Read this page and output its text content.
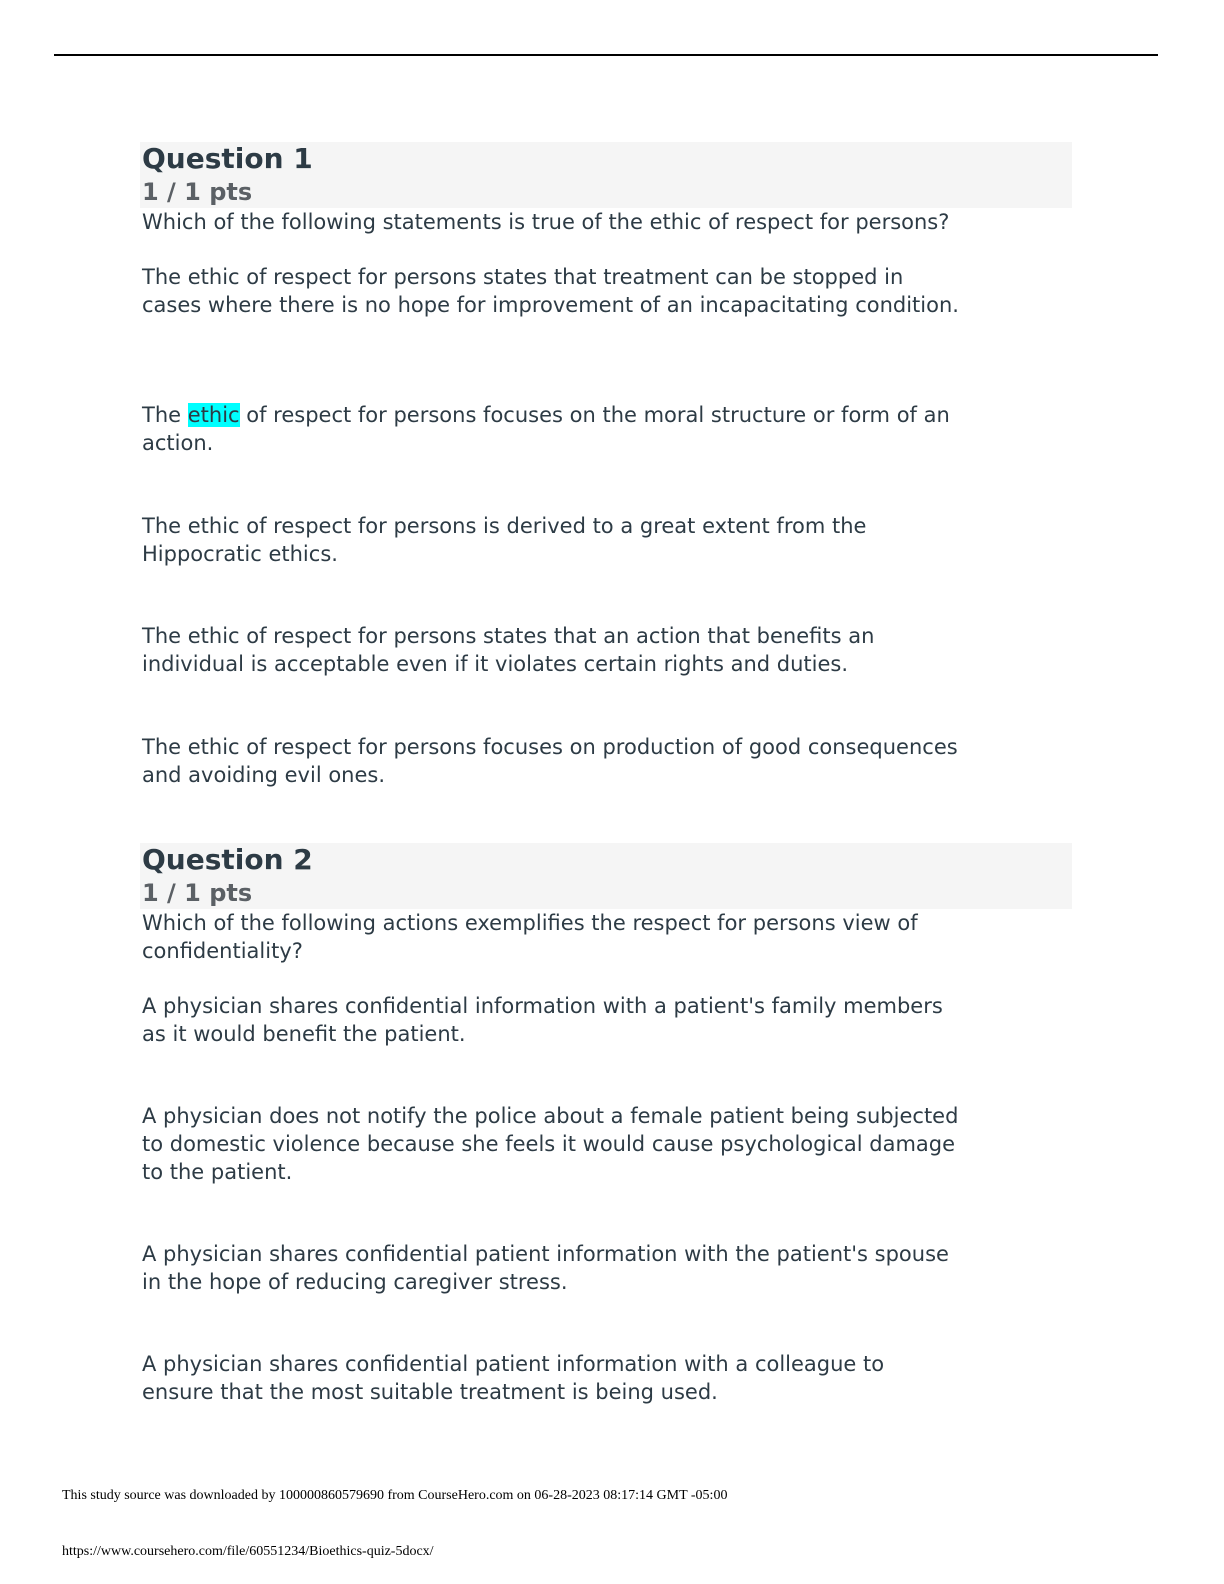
Question 1
1 / 1 pts

Which of the following statements is true of the ethic of respect for persons?

The ethic of respect for persons states that treatment can be stopped in
cases where there is no hope for improvement of an incapacitating condition.

The ethic of respect for persons focuses on the moral structure or form of an
action.

The ethic of respect for persons is derived to a great extent from the
Hippocratic ethics.

The ethic of respect for persons states that an action that benefits an
individual is acceptable even if it violates certain rights and duties.

The ethic of respect for persons focuses on production of good consequences
and avoiding evil ones.

Question 2
1 / 1 pts

Which of the following actions exemplifies the respect for persons view of
confidentiality?

A physician shares confidential information with a patient's family members
as it would benefit the patient.

A physician does not notify the police about a female patient being subjected
to domestic violence because she feels it would cause psychological damage
to the patient.

A physician shares confidential patient information with the patient's spouse
in the hope of reducing caregiver stress.

A physician shares confidential patient information with a colleague to
ensure that the most suitable treatment is being used.

This study source was downloaded by 100000860579690 from CourseHero.com on 06-28-2023 08:17:14 GMT -05:00
https://www.coursehero.com/file/60551234/Bioethics-quiz-5docx/
